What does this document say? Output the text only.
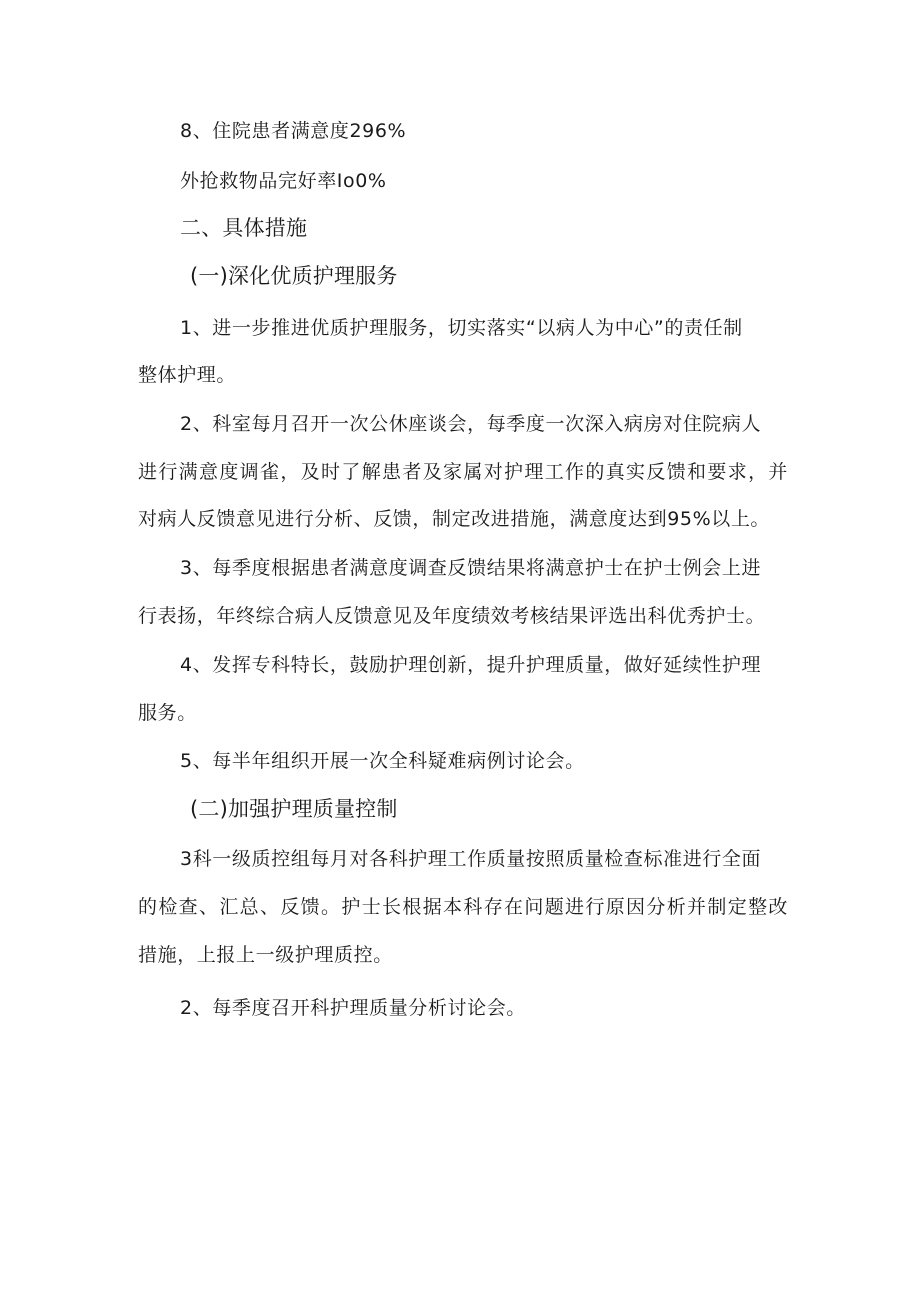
8、住院患者满意度296%
外抢救物品完好率Io0%
二、具体措施
(一)深化优质护理服务
1、进一步推进优质护理服务，切实落实“以病人为中心”的责任制
整体护理。
2、科室每月召开一次公休座谈会，每季度一次深入病房对住院病人
进行满意度调雀，及时了解患者及家属对护理工作的真实反馈和要求，并
对病人反馈意见进行分析、反馈，制定改进措施，满意度达到95%以上。
3、每季度根据患者满意度调查反馈结果将满意护士在护士例会上进
行表扬，年终综合病人反馈意见及年度绩效考核结果评选出科优秀护士。
4、发挥专科特长，鼓励护理创新，提升护理质量，做好延续性护理
服务。
5、每半年组织开展一次全科疑难病例讨论会。
(二)加强护理质量控制
3科一级质控组每月对各科护理工作质量按照质量检查标准进行全面
的检查、汇总、反馈。护士长根据本科存在问题进行原因分析并制定整改
措施，上报上一级护理质控。
2、每季度召开科护理质量分析讨论会。
